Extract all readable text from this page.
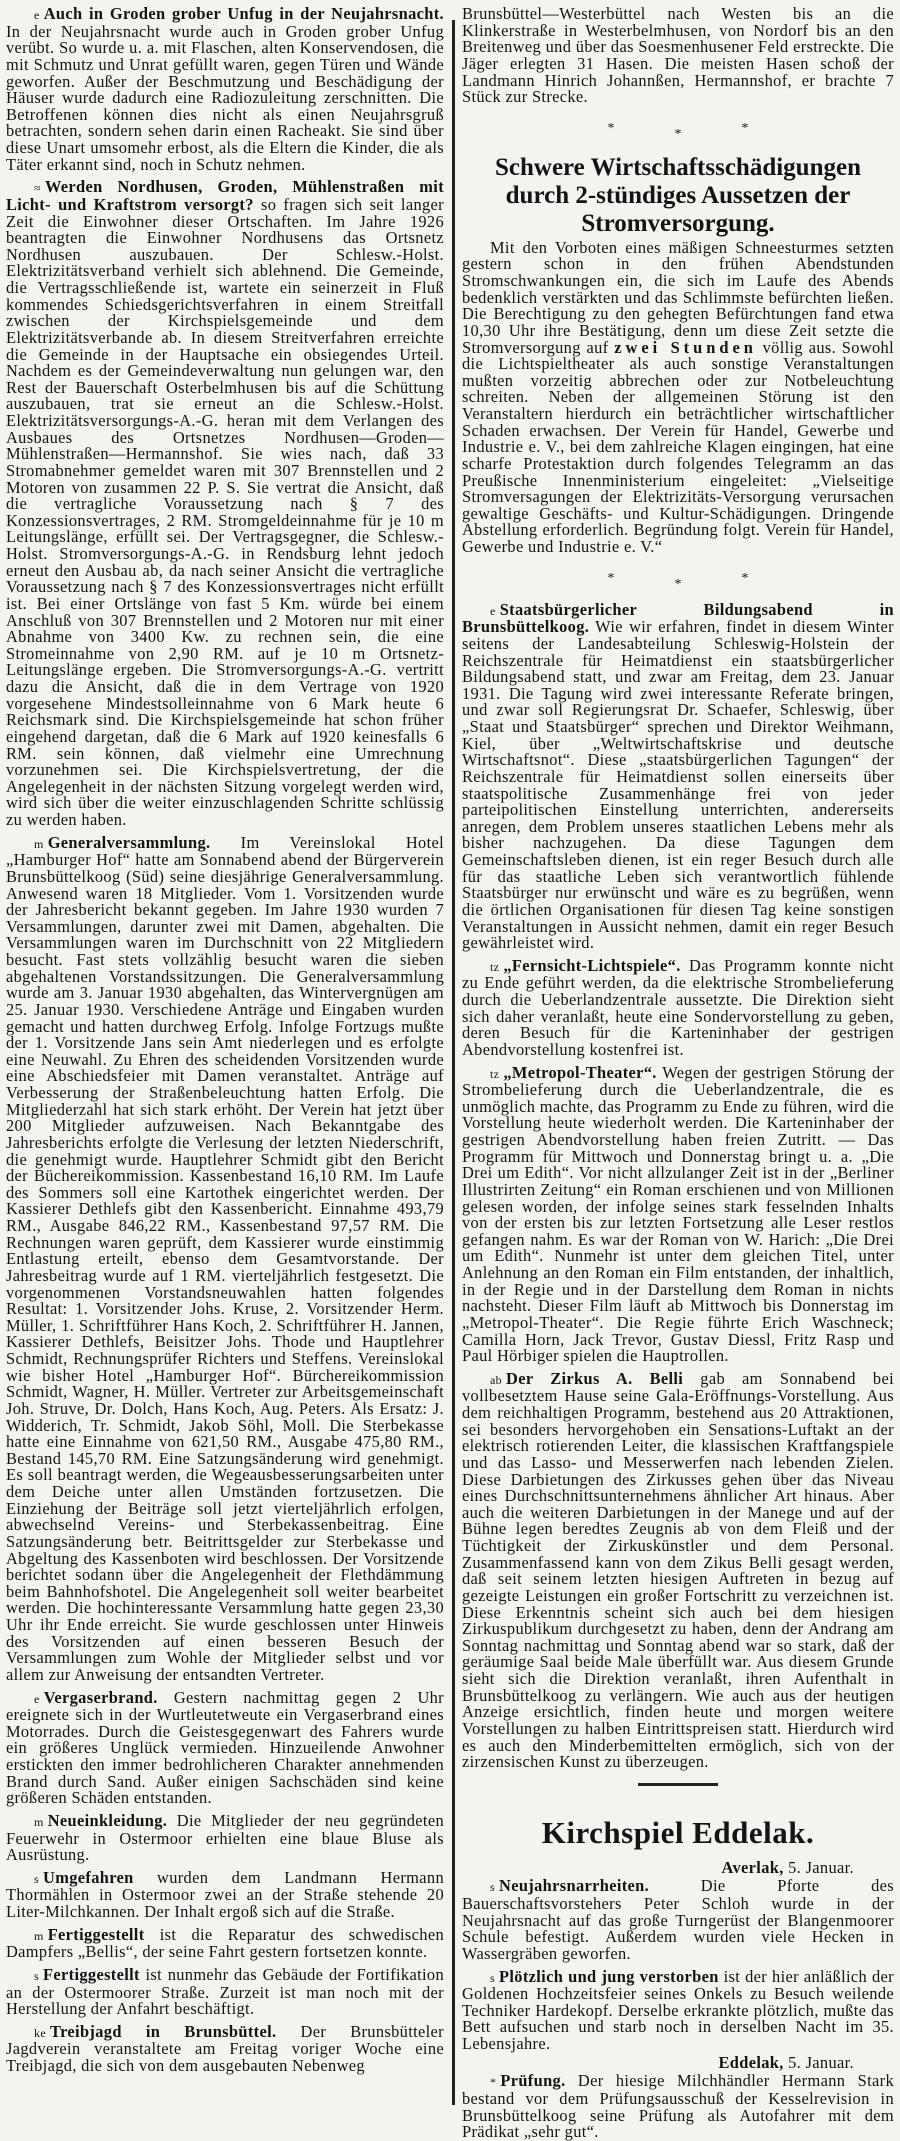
e Auch in Groden grober Unfug in der Neujahrsnacht. In der Neujahrsnacht wurde auch in Groden grober Unfug verübt. So wurde u. a. mit Flaschen, alten Konservendosen, die mit Schmutz und Unrat gefüllt waren, gegen Türen und Wände geworfen. Außer der Beschmutzung und Beschädigung der Häuser wurde dadurch eine Radiozuleitung zerschnitten. Die Betroffenen können dies nicht als einen Neujahrsgruß betrachten, sondern sehen darin einen Racheakt. Sie sind über diese Unart umsomehr erbost, als die Eltern die Kinder, die als Täter erkannt sind, noch in Schutz nehmen.

≈ Werden Nordhusen, Groden, Mühlenstraßen mit Licht- und Kraftstrom versorgt? so fragen sich seit langer Zeit die Einwohner dieser Ortschaften. Im Jahre 1926 beantragten die Einwohner Nordhusens das Ortsnetz Nordhusen auszubauen. Der Schlesw.-Holst. Elektrizitätsverband verhielt sich ablehnend. Die Gemeinde, die Vertragsschließende ist, wartete ein seinerzeit in Fluß kommendes Schiedsgerichtsverfahren in einem Streitfall zwischen der Kirchspielsgemeinde und dem Elektrizitätsverbande ab. In diesem Streitverfahren erreichte die Gemeinde in der Hauptsache ein obsiegendes Urteil. Nachdem es der Gemeindeverwaltung nun gelungen war, den Rest der Bauerschaft Osterbelmhusen bis auf die Schüttung auszubauen, trat sie erneut an die Schlesw.-Holst. Elektrizitätsversorgungs-A.-G. heran mit dem Verlangen des Ausbaues des Ortsnetzes Nordhusen—Groden—Mühlenstraßen—Hermannshof. Sie wies nach, daß 33 Stromabnehmer gemeldet waren mit 307 Brennstellen und 2 Motoren von zusammen 22 P. S. Sie vertrat die Ansicht, daß die vertragliche Voraussetzung nach § 7 des Konzessionsvertrages, 2 RM. Stromgeldeinnahme für je 10 m Leitungslänge, erfüllt sei. Der Vertragsgegner, die Schlesw.-Holst. Stromversorgungs-A.-G. in Rendsburg lehnt jedoch erneut den Ausbau ab, da nach seiner Ansicht die vertragliche Voraussetzung nach § 7 des Konzessionsvertrages nicht erfüllt ist. Bei einer Ortslänge von fast 5 Km. würde bei einem Anschluß von 307 Brennstellen und 2 Motoren nur mit einer Abnahme von 3400 Kw. zu rechnen sein, die eine Stromeinnahme von 2,90 RM. auf je 10 m Ortsnetz-Leitungslänge ergeben. Die Stromversorgungs-A.-G. vertritt dazu die Ansicht, daß die in dem Vertrage von 1920 vorgesehene Mindestsolleinnahme von 6 Mark heute 6 Reichsmark sind. Die Kirchspielsgemeinde hat schon früher eingehend dargetan, daß die 6 Mark auf 1920 keinesfalls 6 RM. sein können, daß vielmehr eine Umrechnung vorzunehmen sei. Die Kirchspielsvertretung, der die Angelegenheit in der nächsten Sitzung vorgelegt werden wird, wird sich über die weiter einzuschlagenden Schritte schlüssig zu werden haben.

m Generalversammlung. Im Vereinslokal Hotel „Hamburger Hof“ hatte am Sonnabend abend der Bürgerverein Brunsbüttelkoog (Süd) seine diesjährige Generalversammlung. Anwesend waren 18 Mitglieder. Vom 1. Vorsitzenden wurde der Jahresbericht bekannt gegeben. Im Jahre 1930 wurden 7 Versammlungen, darunter zwei mit Damen, abgehalten. Die Versammlungen waren im Durchschnitt von 22 Mitgliedern besucht. Fast stets vollzählig besucht waren die sieben abgehaltenen Vorstandssitzungen. Die Generalversammlung wurde am 3. Januar 1930 abgehalten, das Wintervergnügen am 25. Januar 1930. Verschiedene Anträge und Eingaben wurden gemacht und hatten durchweg Erfolg. Infolge Fortzugs mußte der 1. Vorsitzende Jans sein Amt niederlegen und es erfolgte eine Neuwahl. Zu Ehren des scheidenden Vorsitzenden wurde eine Abschiedsfeier mit Damen veranstaltet. Anträge auf Verbesserung der Straßenbeleuchtung hatten Erfolg. Die Mitgliederzahl hat sich stark erhöht. Der Verein hat jetzt über 200 Mitglieder aufzuweisen. Nach Bekanntgabe des Jahresberichts erfolgte die Verlesung der letzten Niederschrift, die genehmigt wurde. Hauptlehrer Schmidt gibt den Bericht der Büchereikommission. Kassenbestand 16,10 RM. Im Laufe des Sommers soll eine Kartothek eingerichtet werden. Der Kassierer Dethlefs gibt den Kassenbericht. Einnahme 493,79 RM., Ausgabe 846,22 RM., Kassenbestand 97,57 RM. Die Rechnungen waren geprüft, dem Kassierer wurde einstimmig Entlastung erteilt, ebenso dem Gesamtvorstande. Der Jahresbeitrag wurde auf 1 RM. vierteljährlich festgesetzt. Die vorgenommenen Vorstandsneuwahlen hatten folgendes Resultat: 1. Vorsitzender Johs. Kruse, 2. Vorsitzender Herm. Müller, 1. Schriftführer Hans Koch, 2. Schriftführer H. Jannen, Kassierer Dethlefs, Beisitzer Johs. Thode und Hauptlehrer Schmidt, Rechnungsprüfer Richters und Steffens. Vereinslokal wie bisher Hotel „Hamburger Hof“. Bürchereikommission Schmidt, Wagner, H. Müller. Vertreter zur Arbeitsgemeinschaft Joh. Struve, Dr. Dolch, Hans Koch, Aug. Peters. Als Ersatz: J. Widderich, Tr. Schmidt, Jakob Söhl, Moll. Die Sterbekasse hatte eine Einnahme von 621,50 RM., Ausgabe 475,80 RM., Bestand 145,70 RM. Eine Satzungsänderung wird genehmigt. Es soll beantragt werden, die Wegeausbesserungsarbeiten unter dem Deiche unter allen Umständen fortzusetzen. Die Einziehung der Beiträge soll jetzt vierteljährlich erfolgen, abwechselnd Vereins- und Sterbekassenbeitrag. Eine Satzungsänderung betr. Beitrittsgelder zur Sterbekasse und Abgeltung des Kassenboten wird beschlossen. Der Vorsitzende berichtet sodann über die Angelegenheit der Flethdämmung beim Bahnhofshotel. Die Angelegenheit soll weiter bearbeitet werden. Die hochinteressante Versammlung hatte gegen 23,30 Uhr ihr Ende erreicht. Sie wurde geschlossen unter Hinweis des Vorsitzenden auf einen besseren Besuch der Versammlungen zum Wohle der Mitglieder selbst und vor allem zur Anweisung der entsandten Vertreter.

e Vergaserbrand. Gestern nachmittag gegen 2 Uhr ereignete sich in der Wurtleutetweute ein Vergaserbrand eines Motorrades. Durch die Geistesgegenwart des Fahrers wurde ein größeres Unglück vermieden. Hinzueilende Anwohner erstickten den immer bedrohlicheren Charakter annehmenden Brand durch Sand. Außer einigen Sachschäden sind keine größeren Schäden entstanden.

m Neueinkleidung. Die Mitglieder der neu gegründeten Feuerwehr in Ostermoor erhielten eine blaue Bluse als Ausrüstung.

s Umgefahren wurden dem Landmann Hermann Thormählen in Ostermoor zwei an der Straße stehende 20 Liter-Milchkannen. Der Inhalt ergoß sich auf die Straße.

m Fertiggestellt ist die Reparatur des schwedischen Dampfers „Bellis“, der seine Fahrt gestern fortsetzen konnte.

s Fertiggestellt ist nunmehr das Gebäude der Fortifikation an der Ostermoorer Straße. Zurzeit ist man noch mit der Herstellung der Anfahrt beschäftigt.

ke Treibjagd in Brunsbüttel. Der Brunsbütteler Jagdverein veranstaltete am Freitag voriger Woche eine Treibjagd, die sich von dem ausgebauten Nebenweg

Brunsbüttel—Westerbüttel nach Westen bis an die Klinkerstraße in Westerbelmhusen, von Nordorf bis an den Breitenweg und über das Soesmenhusener Feld erstreckte. Die Jäger erlegten 31 Hasen. Die meisten Hasen schoß der Landmann Hinrich Johannßen, Hermannshof, er brachte 7 Stück zur Strecke.

***
Schwere Wirtschaftsschädigungen durch 2-stündiges Aussetzen der Stromversorgung.

Mit den Vorboten eines mäßigen Schneesturmes setzten gestern schon in den frühen Abendstunden Stromschwankungen ein, die sich im Laufe des Abends bedenklich verstärkten und das Schlimmste befürchten ließen. Die Berechtigung zu den gehegten Befürchtungen fand etwa 10,30 Uhr ihre Bestätigung, denn um diese Zeit setzte die Stromversorgung auf zwei Stunden völlig aus. Sowohl die Lichtspieltheater als auch sonstige Veranstaltungen mußten vorzeitig abbrechen oder zur Notbeleuchtung schreiten. Neben der allgemeinen Störung ist den Veranstaltern hierdurch ein beträchtlicher wirtschaftlicher Schaden erwachsen. Der Verein für Handel, Gewerbe und Industrie e. V., bei dem zahlreiche Klagen eingingen, hat eine scharfe Protestaktion durch folgendes Telegramm an das Preußische Innenministerium eingeleitet: „Vielseitige Stromversagungen der Elektrizitäts-Versorgung verursachen gewaltige Geschäfts- und Kultur-Schädigungen. Dringende Abstellung erforderlich. Begründung folgt. Verein für Handel, Gewerbe und Industrie e. V.“

***

e Staatsbürgerlicher Bildungsabend in Brunsbüttelkoog. Wie wir erfahren, findet in diesem Winter seitens der Landesabteilung Schleswig-Holstein der Reichszentrale für Heimatdienst ein staatsbürgerlicher Bildungsabend statt, und zwar am Freitag, dem 23. Januar 1931. Die Tagung wird zwei interessante Referate bringen, und zwar soll Regierungsrat Dr. Schaefer, Schleswig, über „Staat und Staatsbürger“ sprechen und Direktor Weihmann, Kiel, über „Weltwirtschaftskrise und deutsche Wirtschaftsnot“. Diese „staatsbürgerlichen Tagungen“ der Reichszentrale für Heimatdienst sollen einerseits über staatspolitische Zusammenhänge frei von jeder parteipolitischen Einstellung unterrichten, andererseits anregen, dem Problem unseres staatlichen Lebens mehr als bisher nachzugehen. Da diese Tagungen dem Gemeinschaftsleben dienen, ist ein reger Besuch durch alle für das staatliche Leben sich verantwortlich fühlende Staatsbürger nur erwünscht und wäre es zu begrüßen, wenn die örtlichen Organisationen für diesen Tag keine sonstigen Veranstaltungen in Aussicht nehmen, damit ein reger Besuch gewährleistet wird.

tz „Fernsicht-Lichtspiele“. Das Programm konnte nicht zu Ende geführt werden, da die elektrische Strombelieferung durch die Ueberlandzentrale aussetzte. Die Direktion sieht sich daher veranlaßt, heute eine Sondervorstellung zu geben, deren Besuch für die Karteninhaber der gestrigen Abendvorstellung kostenfrei ist.

tz „Metropol-Theater“. Wegen der gestrigen Störung der Strombelieferung durch die Ueberlandzentrale, die es unmöglich machte, das Programm zu Ende zu führen, wird die Vorstellung heute wiederholt werden. Die Karteninhaber der gestrigen Abendvorstellung haben freien Zutritt. — Das Programm für Mittwoch und Donnerstag bringt u. a. „Die Drei um Edith“. Vor nicht allzulanger Zeit ist in der „Berliner Illustrirten Zeitung“ ein Roman erschienen und von Millionen gelesen worden, der infolge seines stark fesselnden Inhalts von der ersten bis zur letzten Fortsetzung alle Leser restlos gefangen nahm. Es war der Roman von W. Harich: „Die Drei um Edith“. Nunmehr ist unter dem gleichen Titel, unter Anlehnung an den Roman ein Film entstanden, der inhaltlich, in der Regie und in der Darstellung dem Roman in nichts nachsteht. Dieser Film läuft ab Mittwoch bis Donnerstag im „Metropol-Theater“. Die Regie führte Erich Waschneck; Camilla Horn, Jack Trevor, Gustav Diessl, Fritz Rasp und Paul Hörbiger spielen die Hauptrollen.

ab Der Zirkus A. Belli gab am Sonnabend bei vollbesetztem Hause seine Gala-Eröffnungs-Vorstellung. Aus dem reichhaltigen Programm, bestehend aus 20 Attraktionen, sei besonders hervorgehoben ein Sensations-Luftakt an der elektrisch rotierenden Leiter, die klassischen Kraftfangspiele und das Lasso- und Messerwerfen nach lebenden Zielen. Diese Darbietungen des Zirkusses gehen über das Niveau eines Durchschnittsunternehmens ähnlicher Art hinaus. Aber auch die weiteren Darbietungen in der Manege und auf der Bühne legen beredtes Zeugnis ab von dem Fleiß und der Tüchtigkeit der Zirkuskünstler und dem Personal. Zusammenfassend kann von dem Zikus Belli gesagt werden, daß seit seinem letzten hiesigen Auftreten in bezug auf gezeigte Leistungen ein großer Fortschritt zu verzeichnen ist. Diese Erkenntnis scheint sich auch bei dem hiesigen Zirkuspublikum durchgesetzt zu haben, denn der Andrang am Sonntag nachmittag und Sonntag abend war so stark, daß der geräumige Saal beide Male überfüllt war. Aus diesem Grunde sieht sich die Direktion veranlaßt, ihren Aufenthalt in Brunsbüttelkoog zu verlängern. Wie auch aus der heutigen Anzeige ersichtlich, finden heute und morgen weitere Vorstellungen zu halben Eintrittspreisen statt. Hierdurch wird es auch den Minderbemittelten ermöglich, sich von der zirzensischen Kunst zu überzeugen.

Kirchspiel Eddelak.
Averlak, 5. Januar.

s Neujahrsnarrheiten. Die Pforte des Bauerschaftsvorstehers Peter Schloh wurde in der Neujahrsnacht auf das große Turngerüst der Blangenmoorer Schule befestigt. Außerdem wurden viele Hecken in Wassergräben geworfen.

s Plötzlich und jung verstorben ist der hier anläßlich der Goldenen Hochzeitsfeier seines Onkels zu Besuch weilende Techniker Hardekopf. Derselbe erkrankte plötzlich, mußte das Bett aufsuchen und starb noch in derselben Nacht im 35. Lebensjahre.

Eddelak, 5. Januar.

* Prüfung. Der hiesige Milchhändler Hermann Stark bestand vor dem Prüfungsausschuß der Kesselrevision in Brunsbüttelkoog seine Prüfung als Autofahrer mit dem Prädikat „sehr gut“.
